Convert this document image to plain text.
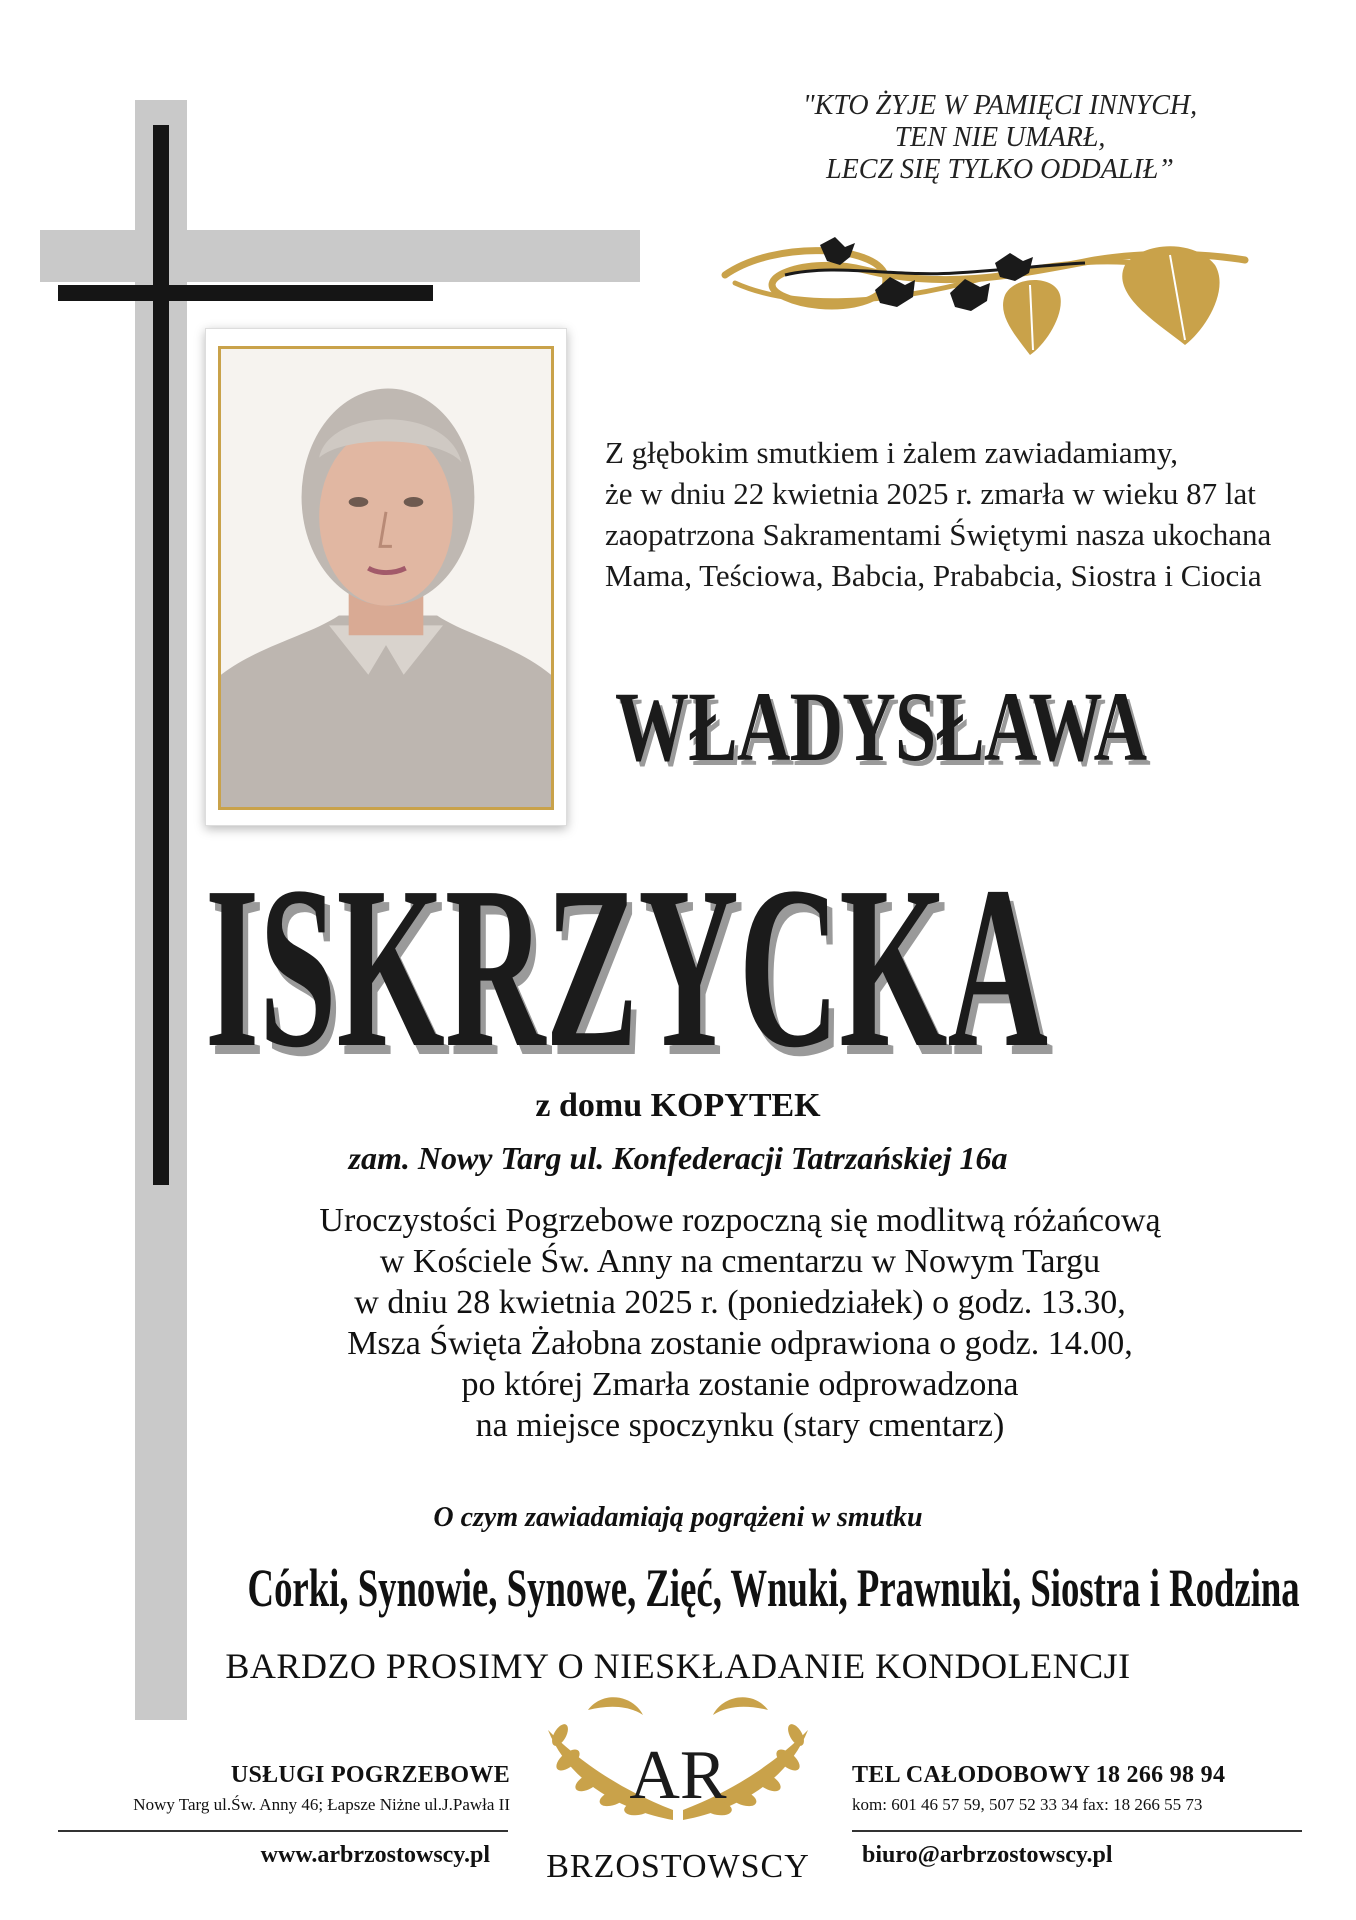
"KTO ŻYJE W PAMIĘCI INNYCH,
TEN NIE UMARŁ,
LECZ SIĘ TYLKO ODDALIŁ”
Z głębokim smutkiem i żalem zawiadamiamy,
że w dniu 22 kwietnia 2025 r. zmarła w wieku 87 lat
zaopatrzona Sakramentami Świętymi nasza ukochana
Mama, Teściowa, Babcia, Prababcia, Siostra i Ciocia
WŁADYSŁAWA
ISKRZYCKA
z domu KOPYTEK
zam. Nowy Targ ul. Konfederacji Tatrzańskiej 16a
Uroczystości Pogrzebowe rozpoczną się modlitwą różańcową
w Kościele Św. Anny na cmentarzu w Nowym Targu
w dniu 28 kwietnia 2025 r. (poniedziałek) o godz. 13.30,
Msza Święta Żałobna zostanie odprawiona o godz. 14.00,
po której Zmarła zostanie odprowadzona
na miejsce spoczynku (stary cmentarz)
O czym zawiadamiają pogrążeni w smutku
Córki, Synowie, Synowe, Zięć, Wnuki, Prawnuki, Siostra i Rodzina
BARDZO PROSIMY O NIESKŁADANIE KONDOLENCJI
USŁUGI POGRZEBOWE
Nowy Targ ul.Św. Anny 46; Łapsze Niżne ul.J.Pawła II
www.arbrzostowscy.pl
AR
BRZOSTOWSCY
TEL CAŁODOBOWY 18 266 98 94
kom: 601 46 57 59, 507 52 33 34 fax: 18 266 55 73
biuro@arbrzostowscy.pl
